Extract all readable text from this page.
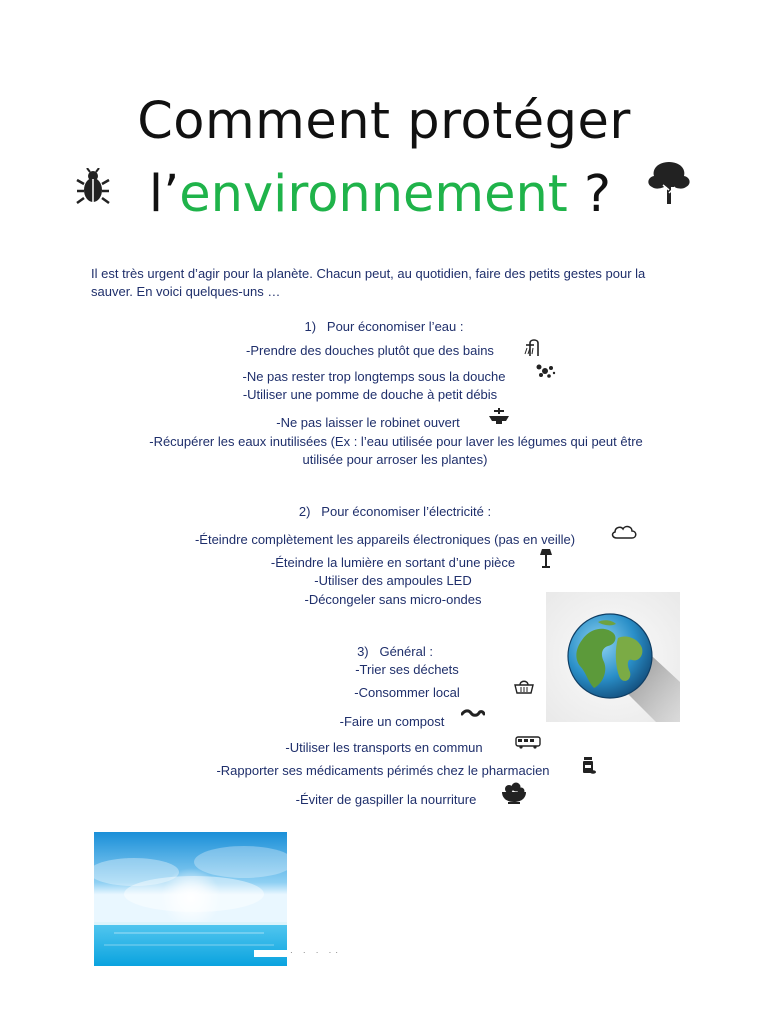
Comment protéger
l’environnement ?
Il est très urgent d’agir pour la planète. Chacun peut, au quotidien, faire des petits gestes pour la sauver. En voici quelques-uns …
1)   Pour économiser l’eau :
-Prendre des douches plutôt que des bains
-Ne pas rester trop longtemps sous la douche
-Utiliser une pomme de douche à petit débis
-Ne pas laisser le robinet ouvert
-Récupérer les eaux inutilisées (Ex : l’eau utilisée pour laver les légumes qui peut être
utilisée pour arroser les plantes)
2)   Pour économiser l’électricité :
-Éteindre complètement les appareils électroniques (pas en veille)
-Éteindre la lumière en sortant d’une pièce
-Utiliser des ampoules LED
-Décongeler sans micro-ondes
3)   Général :
-Trier ses déchets
-Consommer local
-Faire un compost
-Utiliser les transports en commun
-Rapporter ses médicaments périmés chez le pharmacien
-Éviter de gaspiller la nourriture
· · · ··
